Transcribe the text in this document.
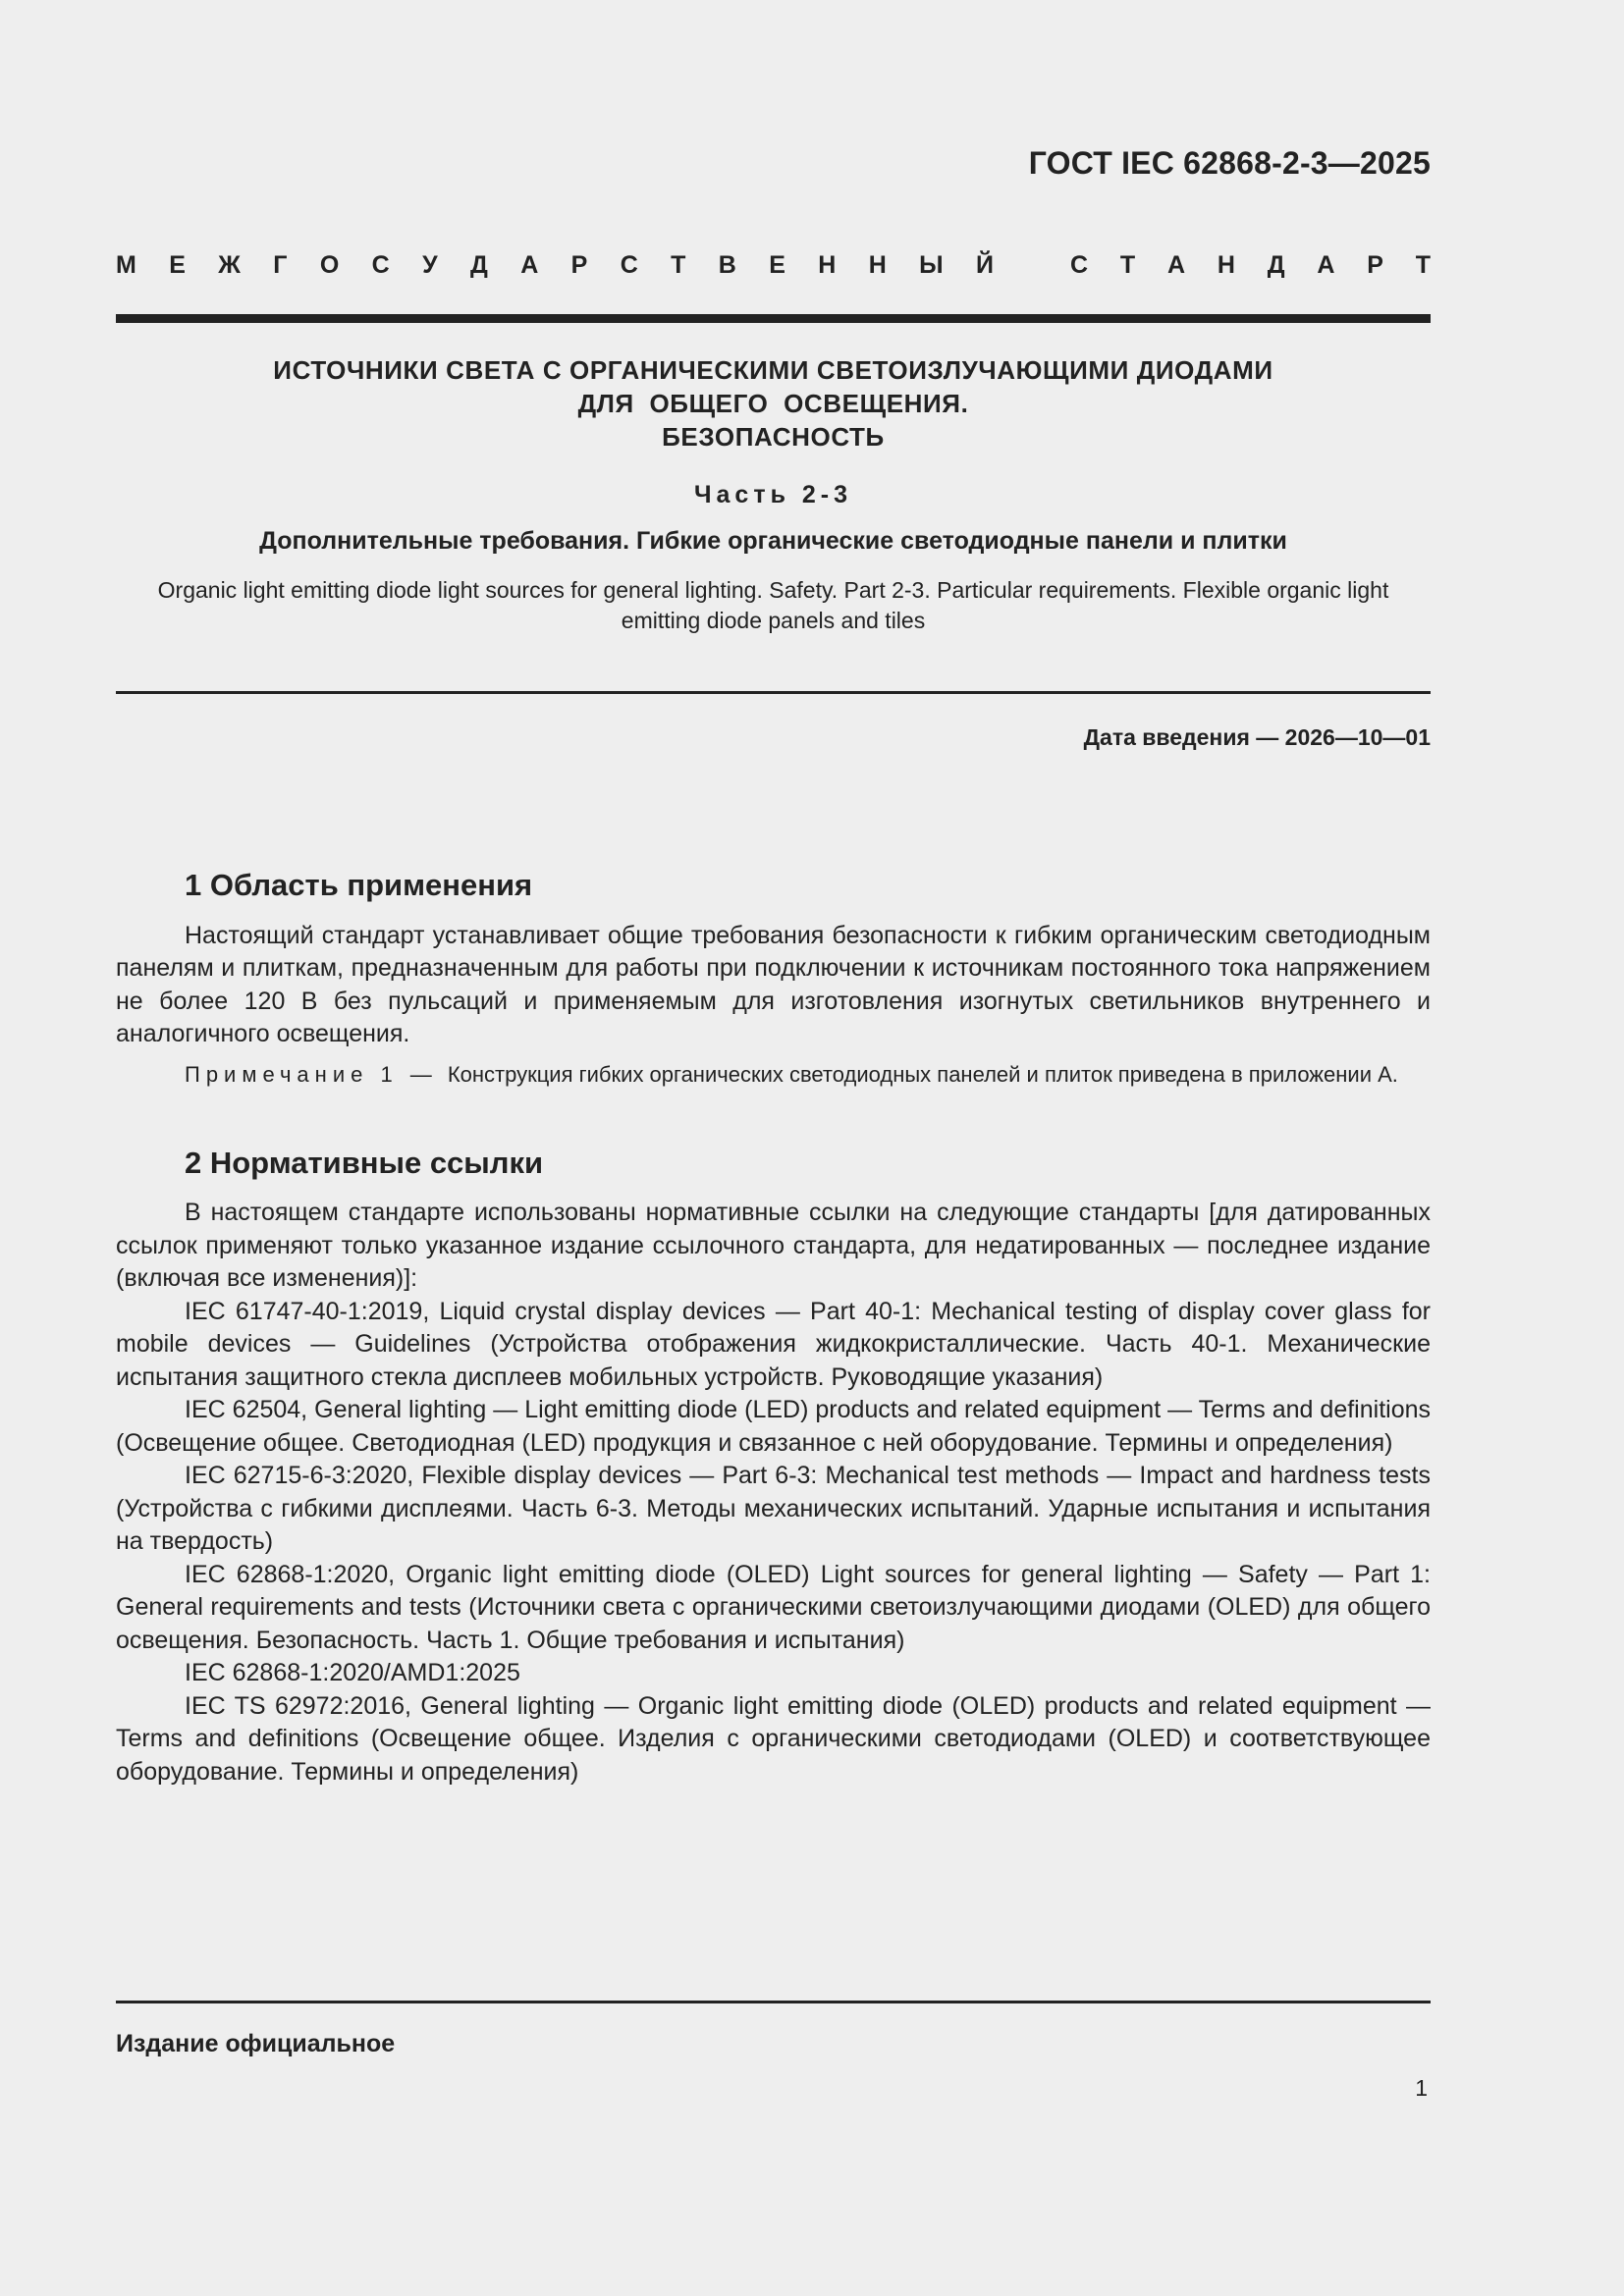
ГОСТ IEC 62868-2-3—2025
М Е Ж Г О С У Д А Р С Т В Е Н Н Ы Й	С Т А Н Д А Р Т
ИСТОЧНИКИ СВЕТА С ОРГАНИЧЕСКИМИ СВЕТОИЗЛУЧАЮЩИМИ ДИОДАМИ
ДЛЯ  ОБЩЕГО  ОСВЕЩЕНИЯ.
БЕЗОПАСНОСТЬ
Часть 2-3
Дополнительные требования. Гибкие органические светодиодные панели и плитки
Organic light emitting diode light sources for general lighting. Safety. Part 2-3. Particular requirements. Flexible organic light emitting diode panels and tiles
Дата введения — 2026—10—01
1 Область применения

Настоящий стандарт устанавливает общие требования безопасности к гибким органическим светодиодным панелям и плиткам, предназначенным для работы при подключении к источникам постоянного тока напряжением не более 120 В без пульсаций и применяемым для изготовления изогнутых светильников внутреннего и аналогичного освещения.

Примечание 1 — Конструкция гибких органических светодиодных панелей и плиток приведена в приложении А.

2 Нормативные ссылки

В настоящем стандарте использованы нормативные ссылки на следующие стандарты [для датированных ссылок применяют только указанное издание ссылочного стандарта, для недатированных — последнее издание (включая все изменения)]:

IEC 61747-40-1:2019, Liquid crystal display devices — Part 40-1: Mechanical testing of display cover glass for mobile devices — Guidelines (Устройства отображения жидкокристаллические. Часть 40-1. Механические испытания защитного стекла дисплеев мобильных устройств. Руководящие указания)

IEC 62504, General lighting — Light emitting diode (LED) products and related equipment — Terms and definitions (Освещение общее. Светодиодная (LED) продукция и связанное с ней оборудование. Термины и определения)

IEC 62715-6-3:2020, Flexible display devices — Part 6-3: Mechanical test methods — Impact and hardness tests (Устройства с гибкими дисплеями. Часть 6-3. Методы механических испытаний. Ударные испытания и испытания на твердость)

IEC 62868-1:2020, Organic light emitting diode (OLED) Light sources for general lighting — Safety — Part 1: General requirements and tests (Источники света с органическими светоизлучающими диодами (OLED) для общего освещения. Безопасность. Часть 1. Общие требования и испытания)

IEC 62868-1:2020/AMD1:2025

IEC TS 62972:2016, General lighting — Organic light emitting diode (OLED) products and related equipment — Terms and definitions (Освещение общее. Изделия с органическими светодиодами (OLED) и соответствующее оборудование. Термины и определения)

Издание официальное
1
